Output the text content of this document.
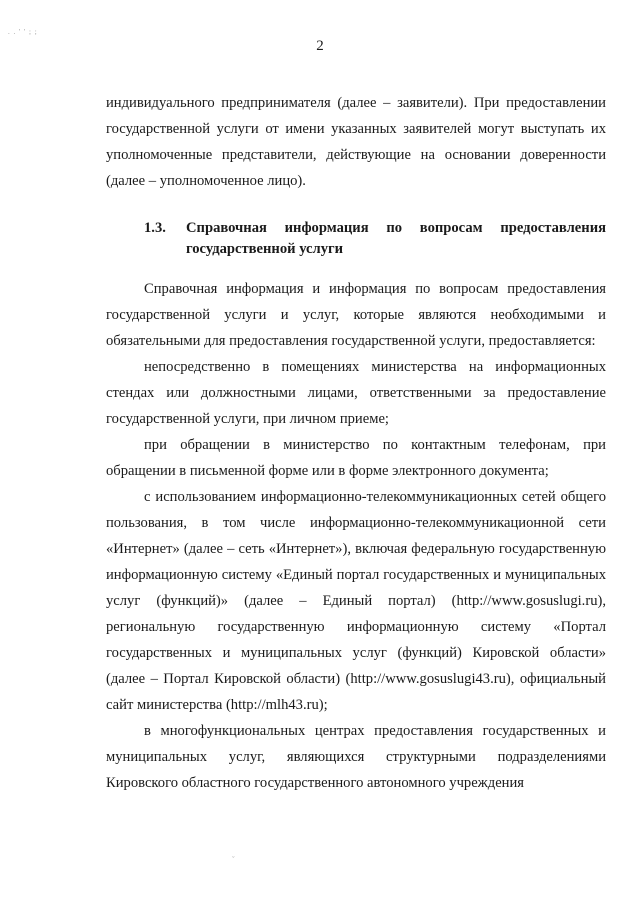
. . ' ' ; ;
2

индивидуального предпринимателя (далее – заявители). При предоставлении государственной услуги от имени указанных заявителей могут выступать их уполномоченные представители, действующие на основании доверенности (далее – уполномоченное лицо).

1.3.	Справочная информация по вопросам предоставления государственной услуги

Справочная информация и информация по вопросам предоставления государственной услуги и услуг, которые являются необходимыми и обязательными для предоставления государственной услуги, предоставляется:

непосредственно в помещениях министерства на информационных стендах или должностными лицами, ответственными за предоставление государственной услуги, при личном приеме;

при обращении в министерство по контактным телефонам, при обращении в письменной форме или в форме электронного документа;

с использованием информационно-телекоммуникационных сетей общего пользования, в том числе информационно-телекоммуникационной сети «Интернет» (далее – сеть «Интернет»), включая федеральную государственную информационную систему «Единый портал государственных и муниципальных услуг (функций)» (далее – Единый портал) (http://www.gosuslugi.ru), региональную государственную информационную систему «Портал государственных и муниципальных услуг (функций) Кировской области» (далее – Портал Кировской области) (http://www.gosuslugi43.ru), официальный сайт министерства (http://mlh43.ru);

в многофункциональных центрах предоставления государственных и муниципальных услуг, являющихся структурными подразделениями Кировского областного государственного автономного учреждения

ˇ
